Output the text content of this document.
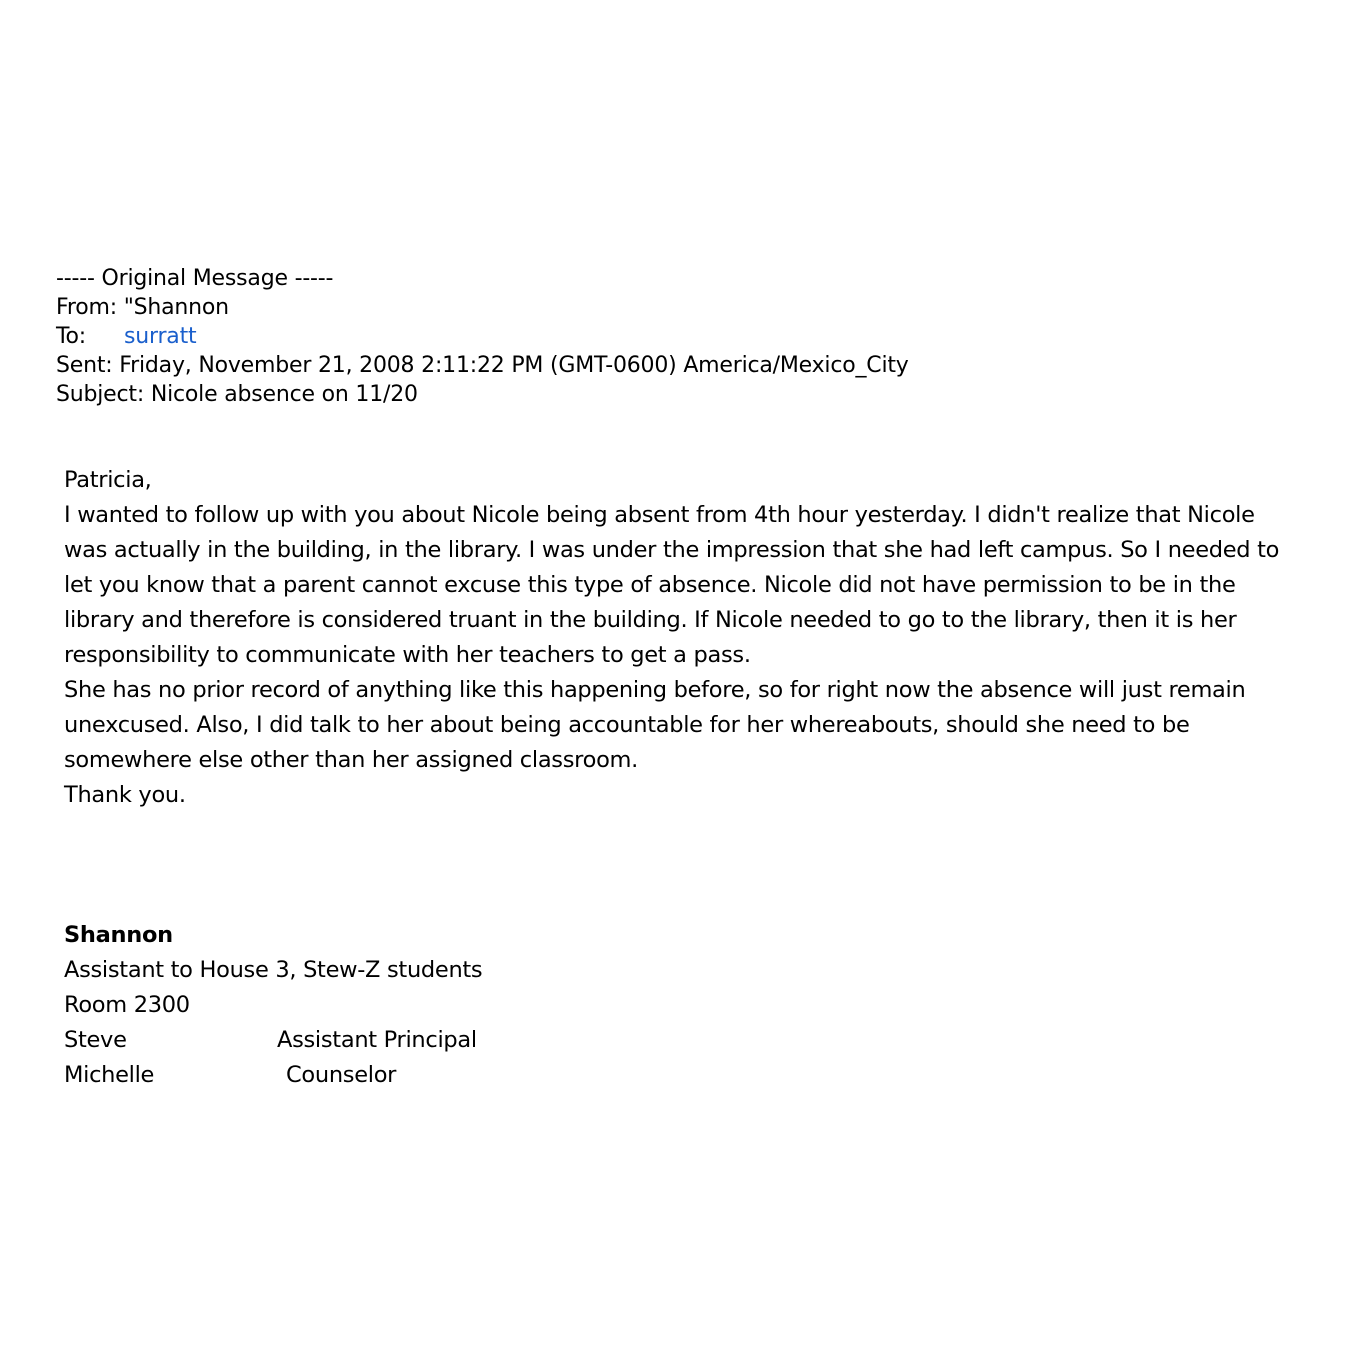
----- Original Message -----
From: "Shannon
To: surratt
Sent: Friday, November 21, 2008 2:11:22 PM (GMT-0600) America/Mexico_City
Subject: Nicole absence on 11/20

Patricia,

I wanted to follow up with you about Nicole being absent from 4th hour yesterday. I didn't realize that Nicole was actually in the building, in the library. I was under the impression that she had left campus. So I needed to let you know that a parent cannot excuse this type of absence. Nicole did not have permission to be in the library and therefore is considered truant in the building. If Nicole needed to go to the library, then it is her responsibility to communicate with her teachers to get a pass.

She has no prior record of anything like this happening before, so for right now the absence will just remain unexcused. Also, I did talk to her about being accountable for her whereabouts, should she need to be somewhere else other than her assigned classroom.

Thank you.

Shannon
Assistant to House 3, Stew-Z students
Room 2300
Steve	Assistant Principal
Michelle	Counselor
